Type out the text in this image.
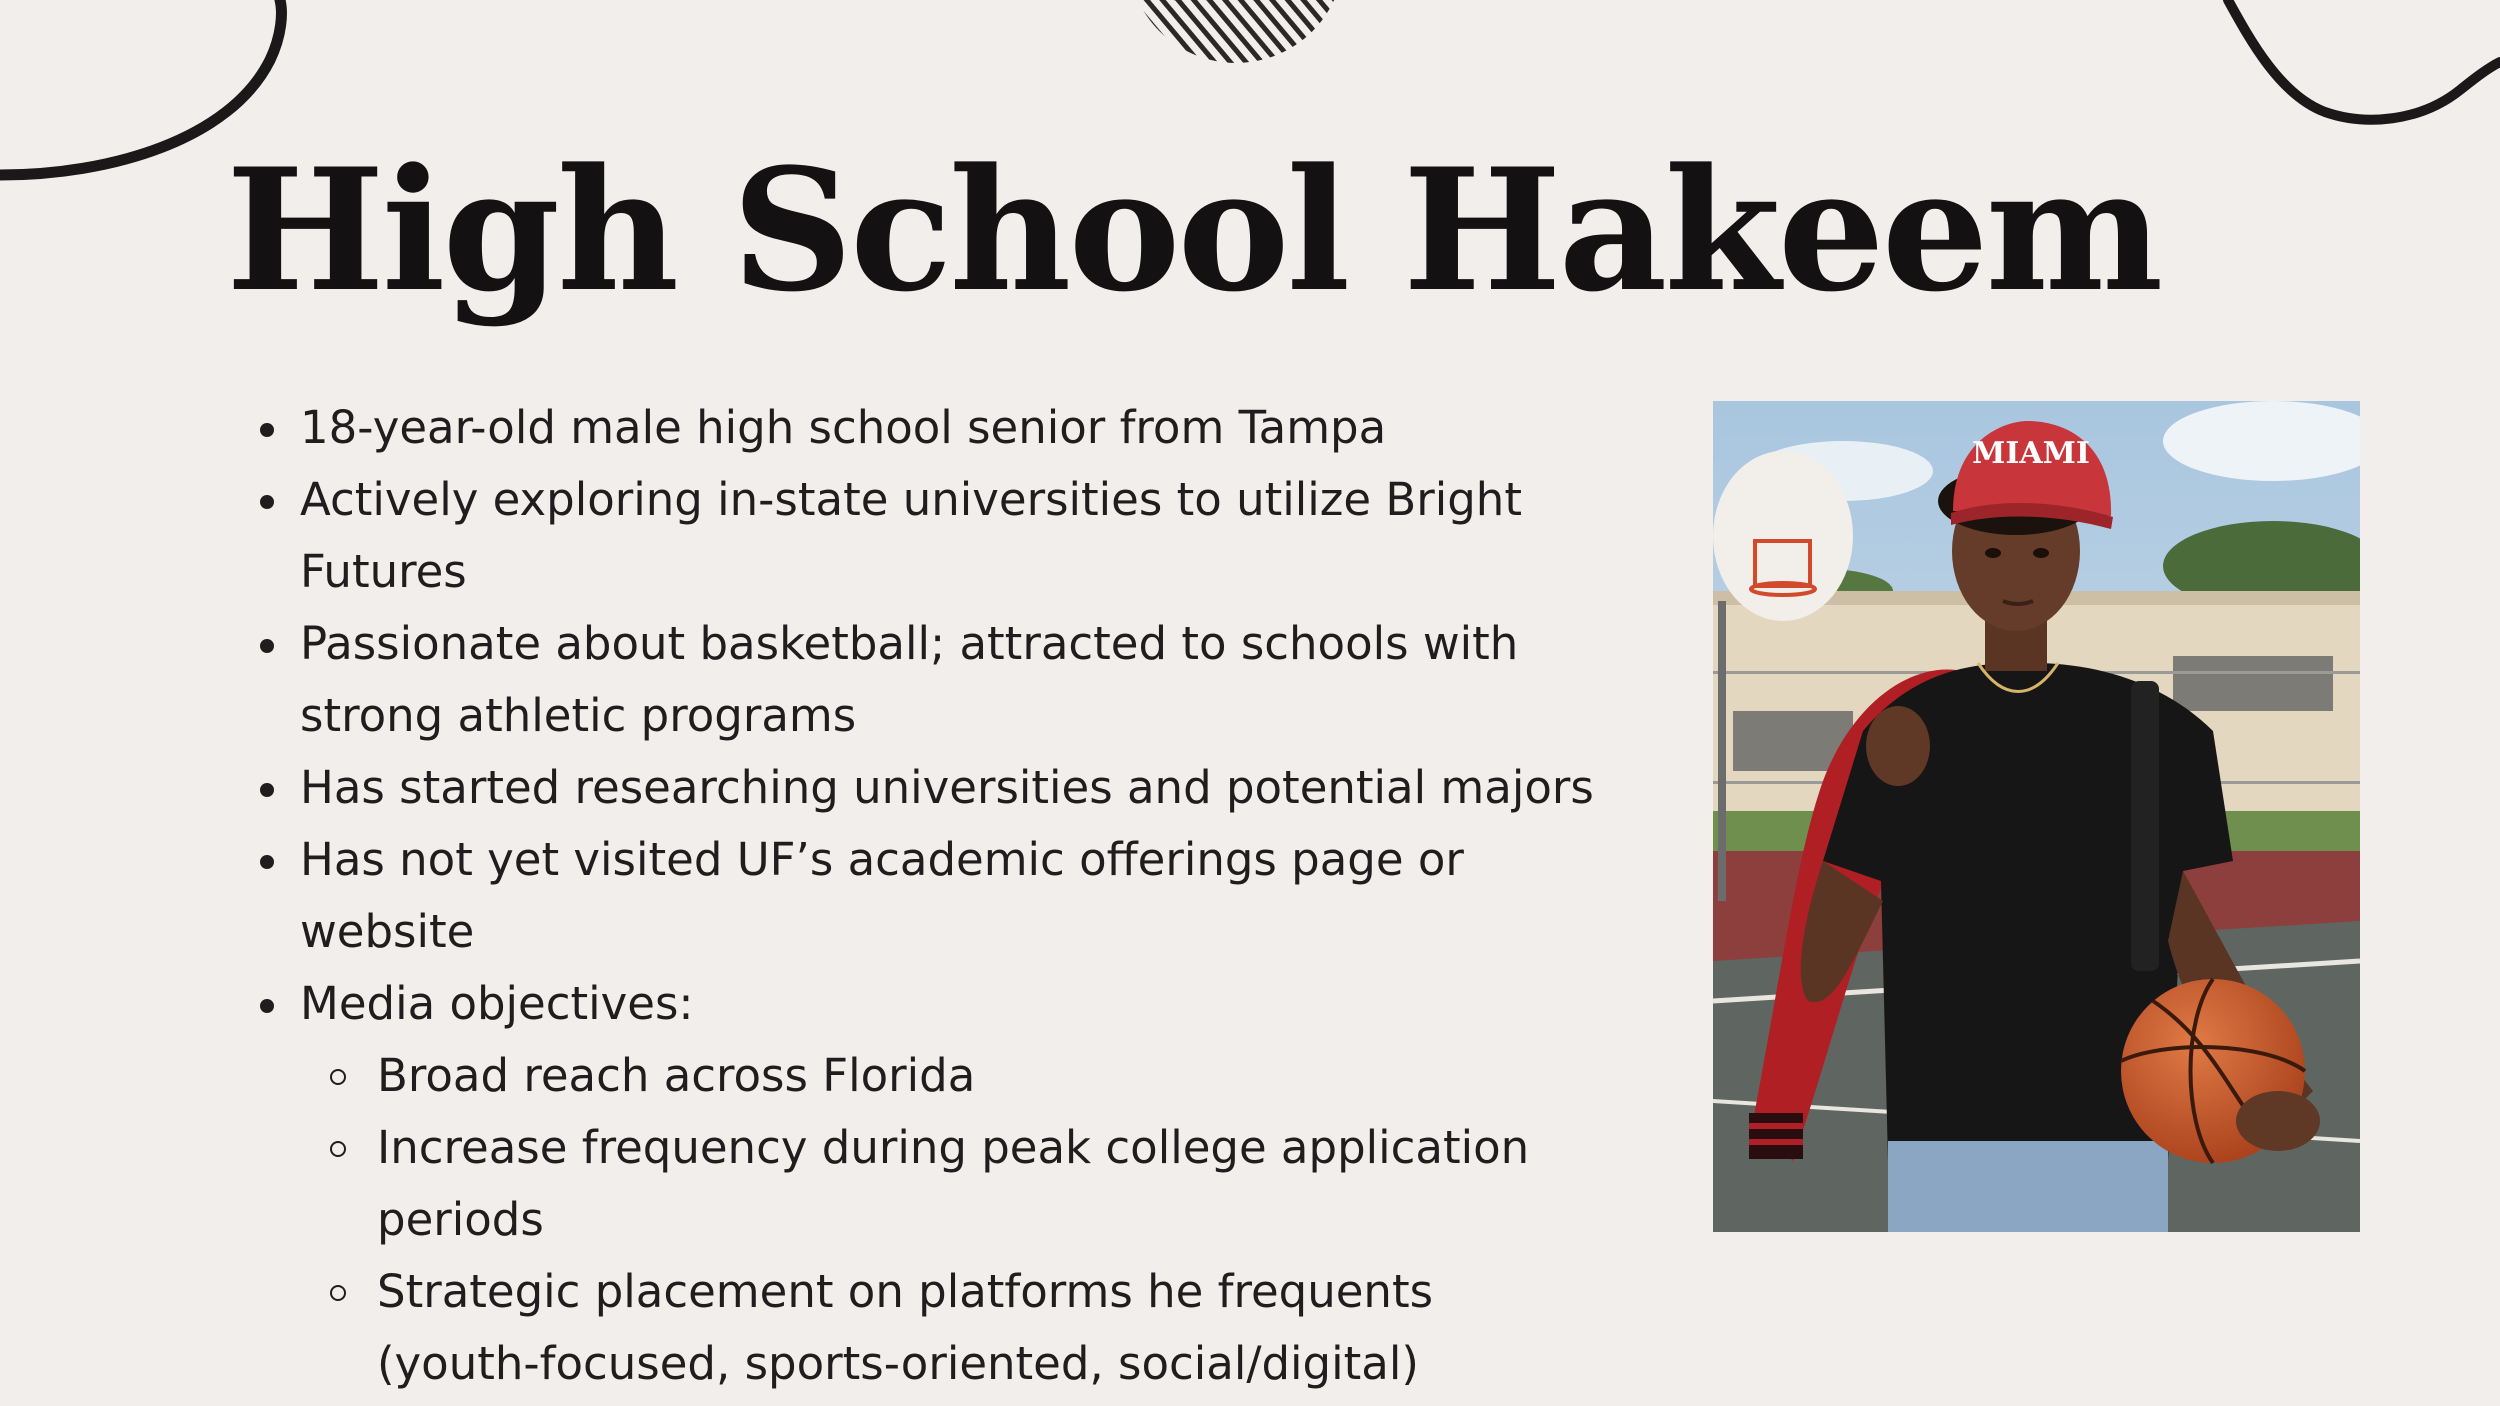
High School Hakeem
18-year-old male high school senior from Tampa
Actively exploring in-state universities to utilize Bright Futures
Passionate about basketball; attracted to schools with strong athletic programs
Has started researching universities and potential majors
Has not yet visited UF’s academic offerings page or website
Media objectives:
Broad reach across Florida
Increase frequency during peak college application periods
Strategic placement on platforms he frequents (youth-focused, sports-oriented, social/digital)
MIAMI
